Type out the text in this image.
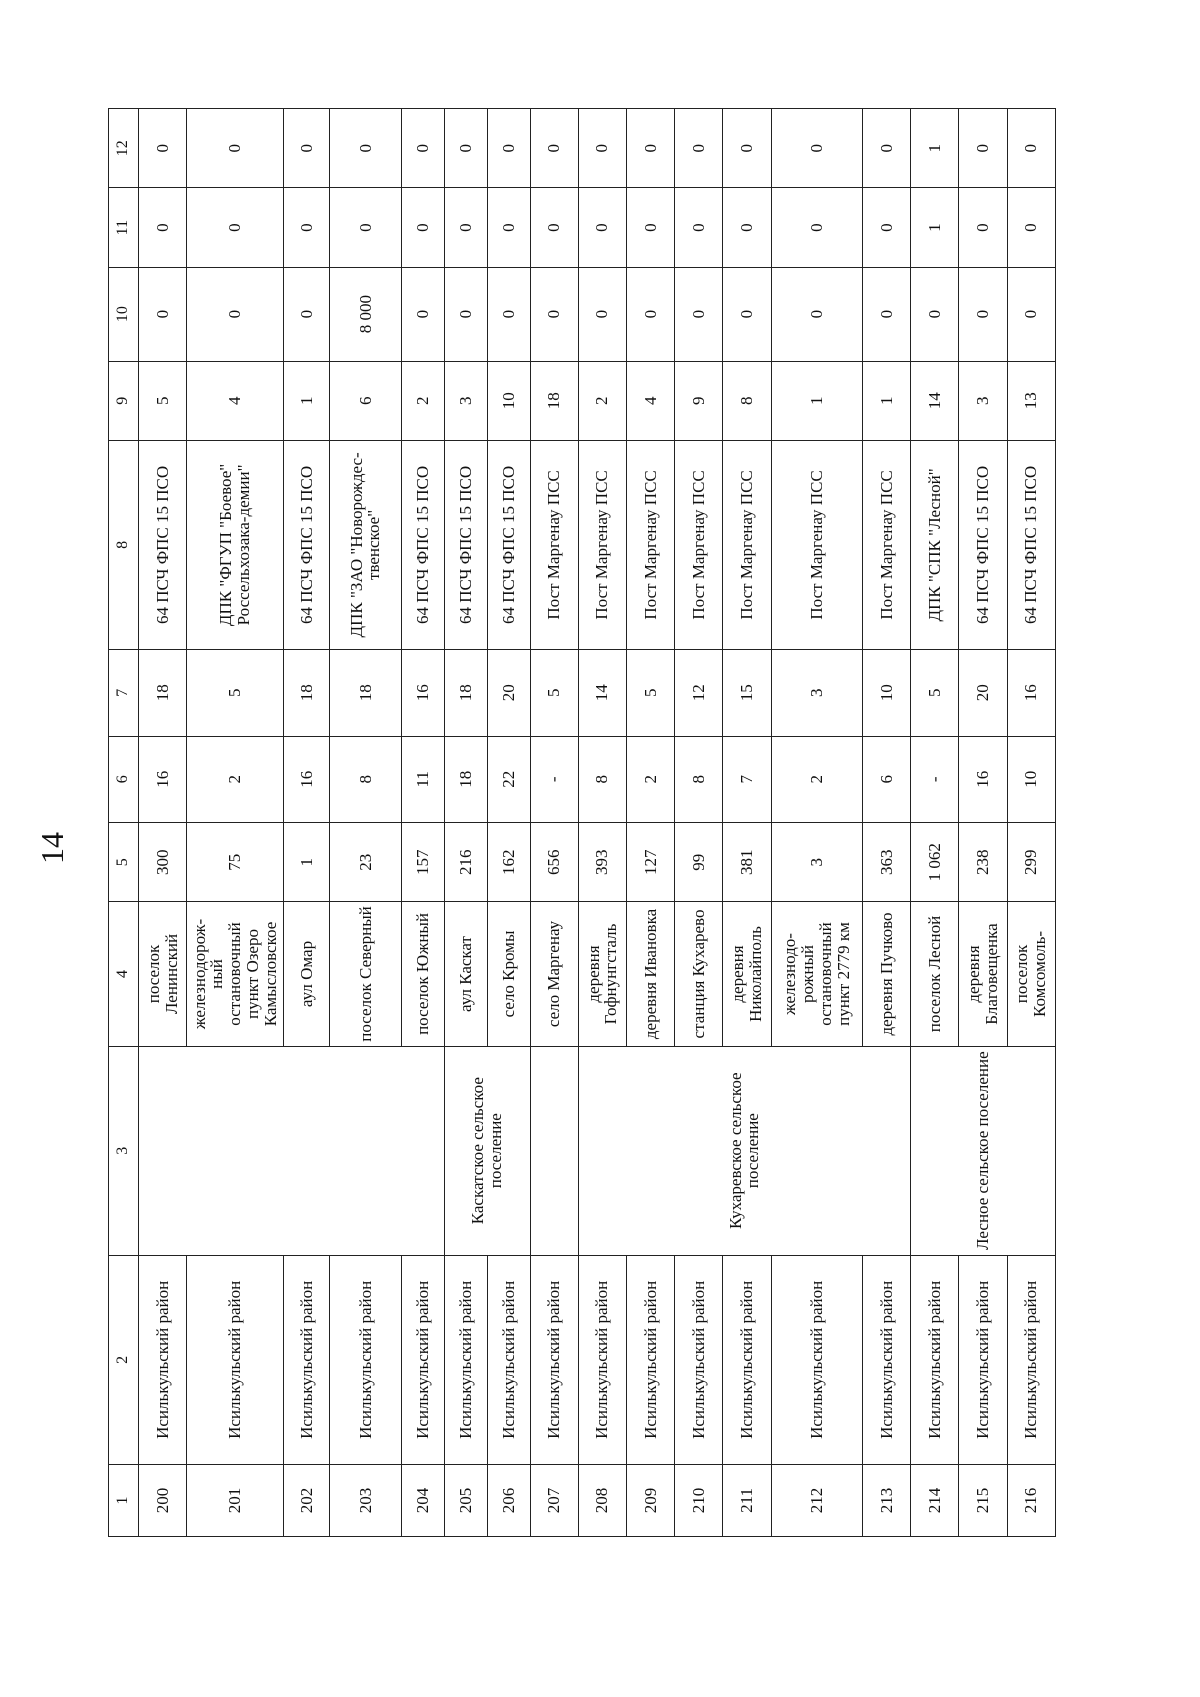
14
1	2	3	4	5	6	7	8	9	10	11	12
200	Исилькульский район		поселок Ленинский	300	16	18	64 ПСЧ ФПС 15 ПСО	5	0	0	0
201	Исилькульский район		железнодорож-ный остановочный пункт Озеро Камысловское	75	2	5	ДПК "ФГУП "Боевое" Россельхозака-демии"	4	0	0	0
202	Исилькульский район		аул Омар	1	16	18	64 ПСЧ ФПС 15 ПСО	1	0	0	0
203	Исилькульский район		поселок Северный	23	8	18	ДПК "ЗАО "Новорождес-твенское"	6	8 000	0	0
204	Исилькульский район		поселок Южный	157	11	16	64 ПСЧ ФПС 15 ПСО	2	0	0	0
205	Исилькульский район	Каскатское сельское поселение	аул Каскат	216	18	18	64 ПСЧ ФПС 15 ПСО	3	0	0	0
206	Исилькульский район		село Кромы	162	22	20	64 ПСЧ ФПС 15 ПСО	10	0	0	0
207	Исилькульский район		село Маргенау	656	-	5	Пост Маргенау ПСС	18	0	0	0
208	Исилькульский район	Кухаревское сельское поселение	деревня Гофнунгсталь	393	8	14	Пост Маргенау ПСС	2	0	0	0
209	Исилькульский район		деревня Ивановка	127	2	5	Пост Маргенау ПСС	4	0	0	0
210	Исилькульский район		станция Кухарево	99	8	12	Пост Маргенау ПСС	9	0	0	0
211	Исилькульский район		деревня Николайполь	381	7	15	Пост Маргенау ПСС	8	0	0	0
212	Исилькульский район		железнодо-рожный остановочный пункт 2779 км	3	2	3	Пост Маргенау ПСС	1	0	0	0
213	Исилькульский район		деревня Пучково	363	6	10	Пост Маргенау ПСС	1	0	0	0
214	Исилькульский район	Лесное сельское поселение	поселок Лесной	1 062	-	5	ДПК "СПК "Лесной"	14	0	1	1
215	Исилькульский район		деревня Благовещенка	238	16	20	64 ПСЧ ФПС 15 ПСО	3	0	0	0
216	Исилькульский район		поселок Комсомоль-	299	10	16	64 ПСЧ ФПС 15 ПСО	13	0	0	0
